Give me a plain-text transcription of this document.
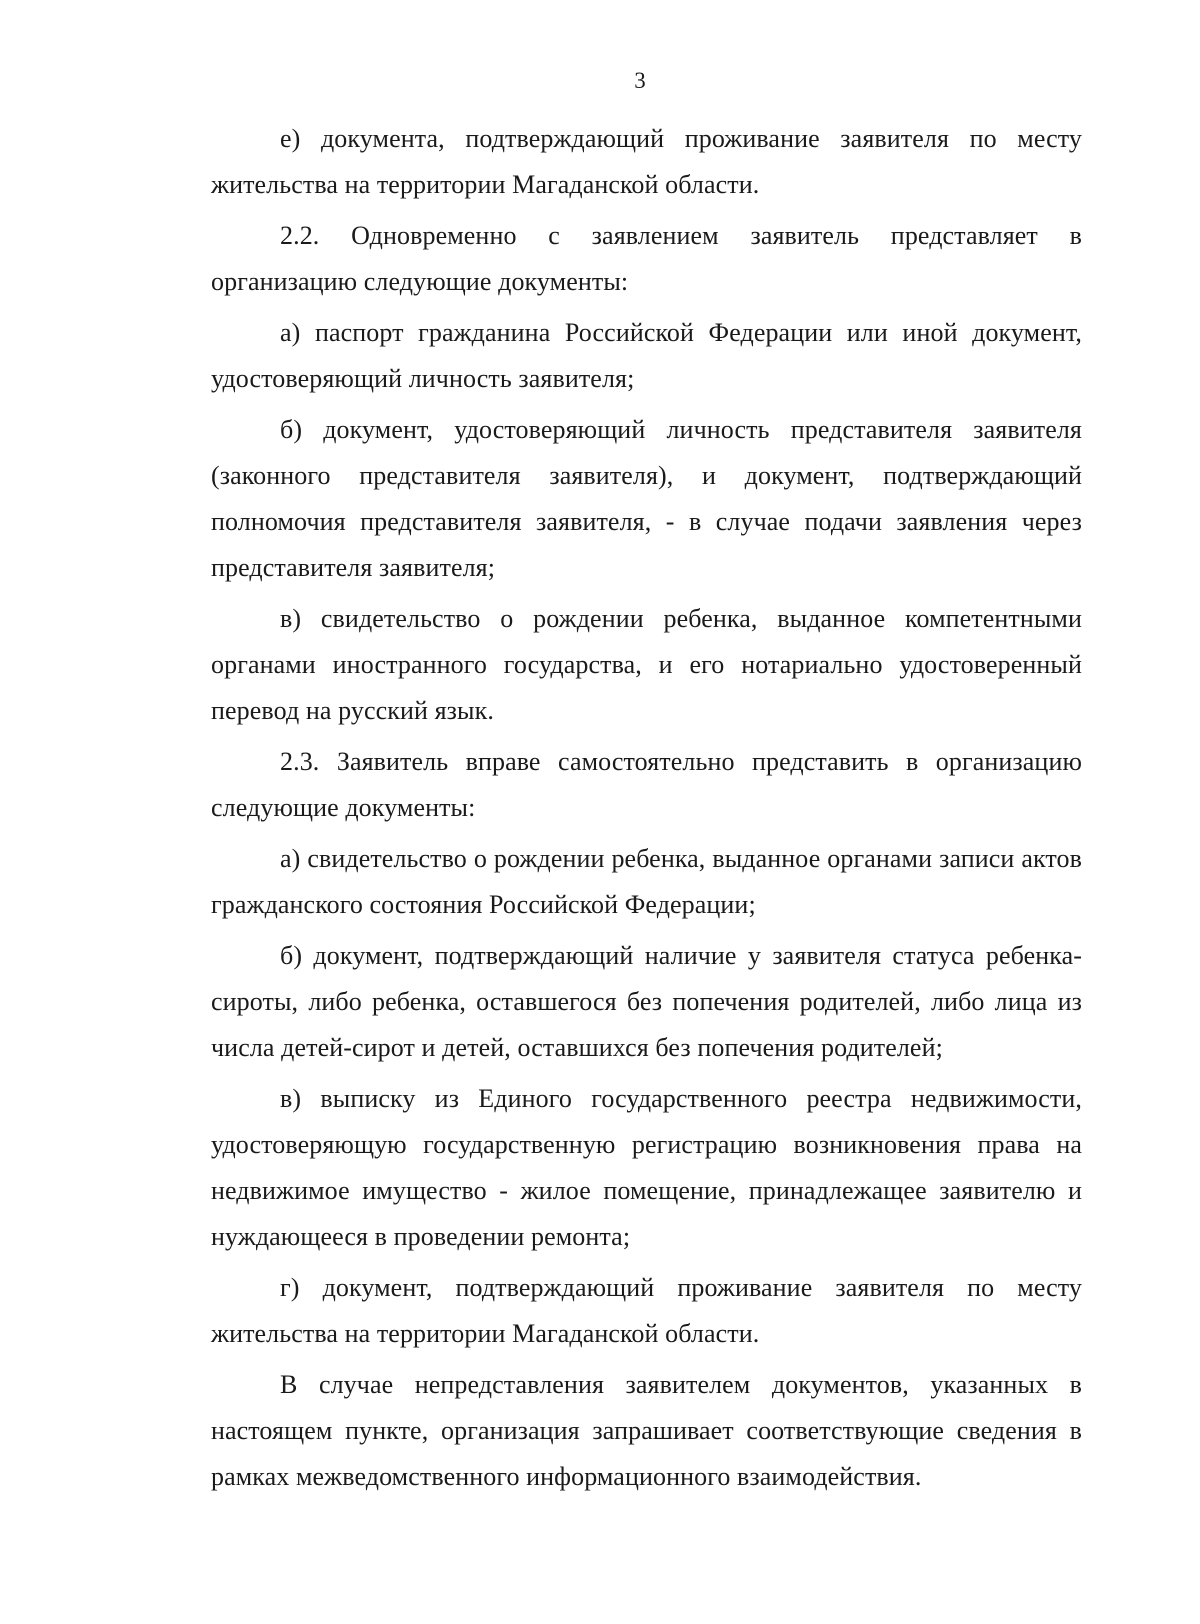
3

е) документа, подтверждающий проживание заявителя по месту жительства на территории Магаданской области.

2.2. Одновременно с заявлением заявитель представляет в организацию следующие документы:

а) паспорт гражданина Российской Федерации или иной документ, удостоверяющий личность заявителя;

б) документ, удостоверяющий личность представителя заявителя (законного представителя заявителя), и документ, подтверждающий полномочия представителя заявителя, - в случае подачи заявления через представителя заявителя;

в) свидетельство о рождении ребенка, выданное компетентными органами иностранного государства, и его нотариально удостоверенный перевод на русский язык.

2.3. Заявитель вправе самостоятельно представить в организацию следующие документы:

а) свидетельство о рождении ребенка, выданное органами записи актов гражданского состояния Российской Федерации;

б) документ, подтверждающий наличие у заявителя статуса ребенка-сироты, либо ребенка, оставшегося без попечения родителей, либо лица из числа детей-сирот и детей, оставшихся без попечения родителей;

в) выписку из Единого государственного реестра недвижимости, удостоверяющую государственную регистрацию возникновения права на недвижимое имущество - жилое помещение, принадлежащее заявителю и нуждающееся в проведении ремонта;

г) документ, подтверждающий проживание заявителя по месту жительства на территории Магаданской области.

В случае непредставления заявителем документов, указанных в настоящем пункте, организация запрашивает соответствующие сведения в рамках межведомственного информационного взаимодействия.
